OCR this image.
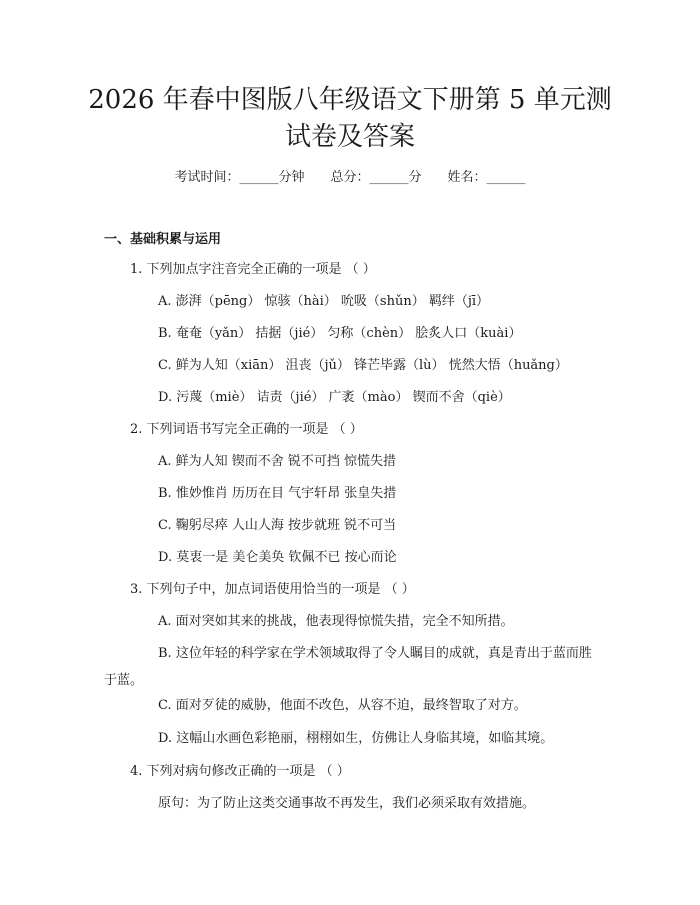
2026 年春中图版八年级语文下册第 5 单元测
试卷及答案
考试时间：______分钟 总分：______分 姓名：______
一、基础积累与运用
1. 下列加点字注音完全正确的一项是 （ ）
A. 澎湃（pēng） 惊骇（hài） 吮吸（shǔn） 羁绊（jī）
B. 奄奄（yǎn） 拮据（jié） 匀称（chèn） 脍炙人口（kuài）
C. 鲜为人知（xiān） 沮丧（jǔ） 锋芒毕露（lù） 恍然大悟（huǎng）
D. 污蔑（miè） 诘责（jié） 广袤（mào） 锲而不舍（qiè）
2. 下列词语书写完全正确的一项是 （ ）
A. 鲜为人知 锲而不舍 锐不可挡 惊慌失措
B. 惟妙惟肖 历历在目 气宇轩昂 张皇失措
C. 鞠躬尽瘁 人山人海 按步就班 锐不可当
D. 莫衷一是 美仑美奂 钦佩不已 按心而论
3. 下列句子中，加点词语使用恰当的一项是 （ ）
A. 面对突如其来的挑战，他表现得惊慌失措，完全不知所措。
B. 这位年轻的科学家在学术领域取得了令人瞩目的成就，真是青出于蓝而胜于蓝。
C. 面对歹徒的威胁，他面不改色，从容不迫，最终智取了对方。
D. 这幅山水画色彩艳丽，栩栩如生，仿佛让人身临其境，如临其境。
4. 下列对病句修改正确的一项是 （ ）
原句：为了防止这类交通事故不再发生，我们必须采取有效措施。
